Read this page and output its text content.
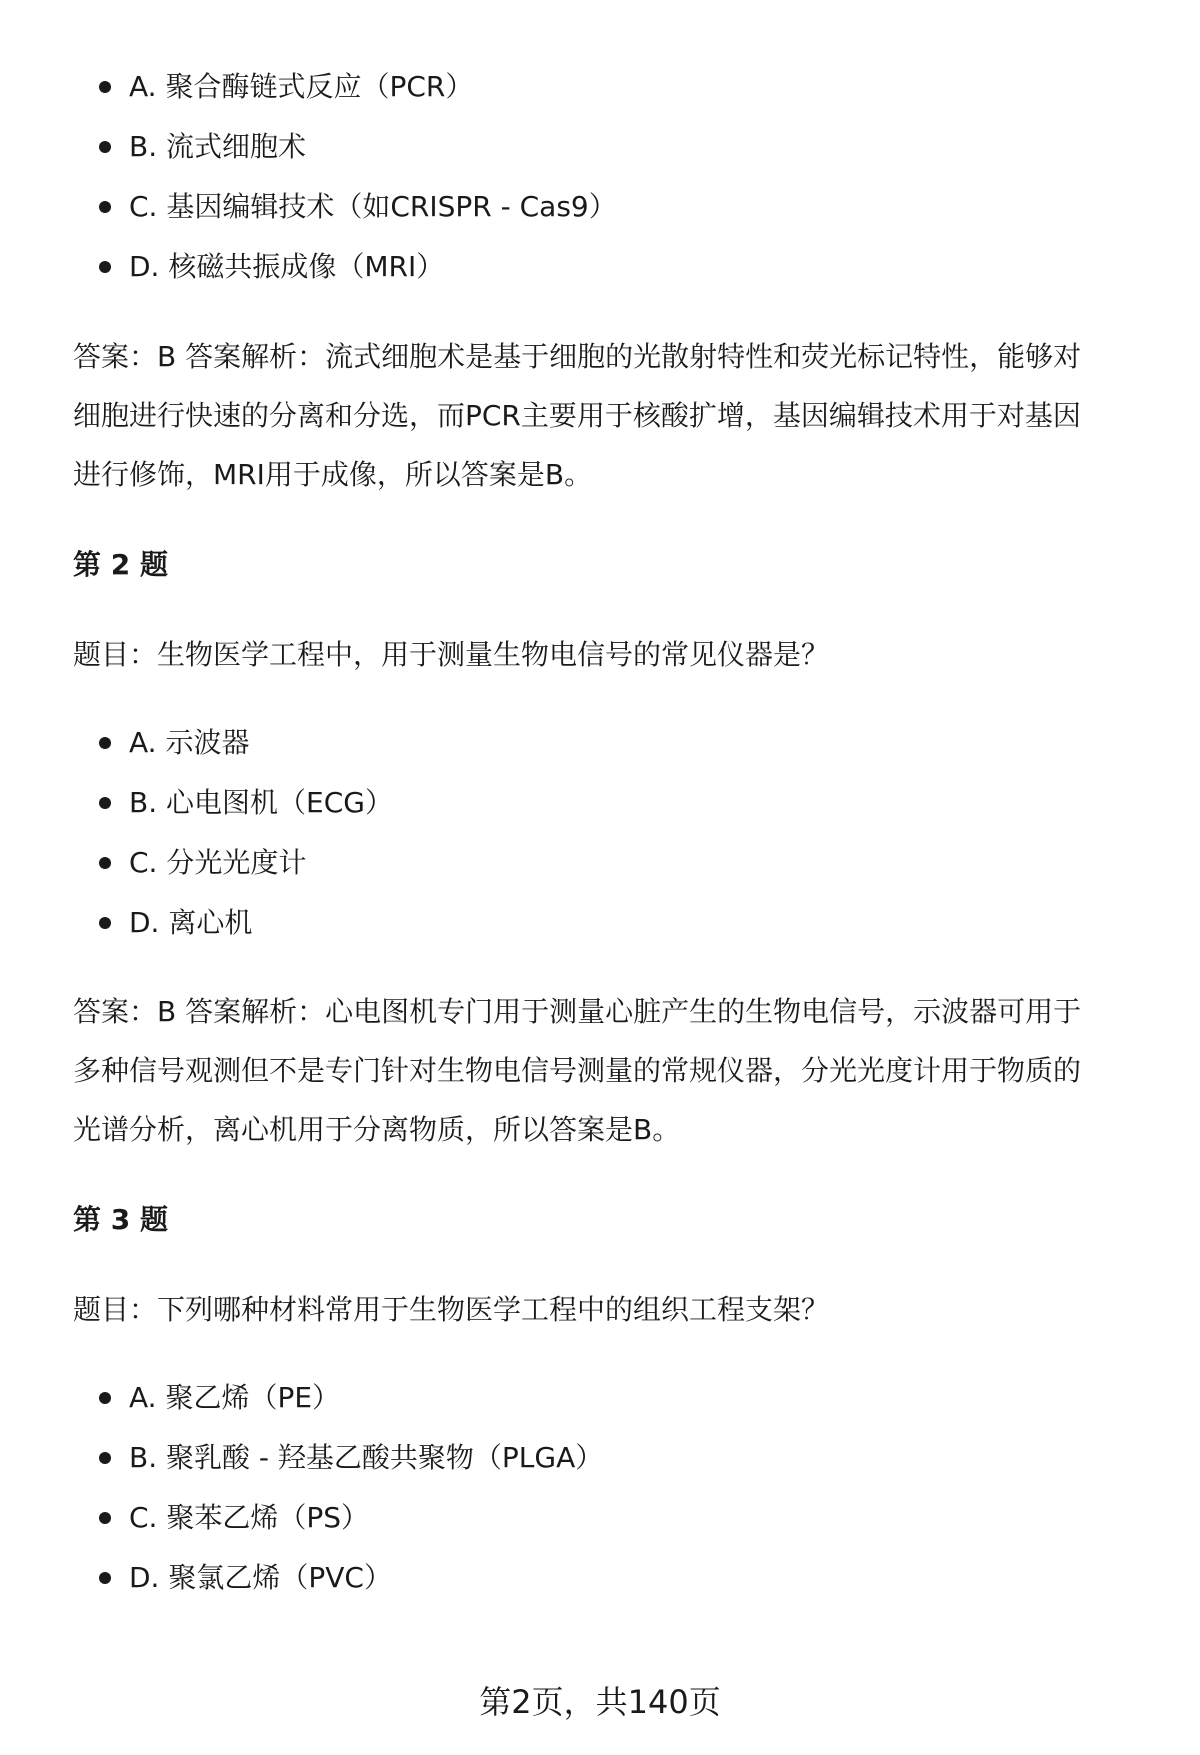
A. 聚合酶链式反应（PCR）
B. 流式细胞术
C. 基因编辑技术（如CRISPR - Cas9）
D. 核磁共振成像（MRI）

答案：B 答案解析：流式细胞术是基于细胞的光散射特性和荧光标记特性，能够对

细胞进行快速的分离和分选，而PCR主要用于核酸扩增，基因编辑技术用于对基因

进行修饰，MRI用于成像，所以答案是B。

第 2 题

题目：生物医学工程中，用于测量生物电信号的常见仪器是？

A. 示波器
B. 心电图机（ECG）
C. 分光光度计
D. 离心机

答案：B 答案解析：心电图机专门用于测量心脏产生的生物电信号，示波器可用于

多种信号观测但不是专门针对生物电信号测量的常规仪器，分光光度计用于物质的

光谱分析，离心机用于分离物质，所以答案是B。

第 3 题

题目：下列哪种材料常用于生物医学工程中的组织工程支架？

A. 聚乙烯（PE）
B. 聚乳酸 - 羟基乙酸共聚物（PLGA）
C. 聚苯乙烯（PS）
D. 聚氯乙烯（PVC）
第2页，共140页
